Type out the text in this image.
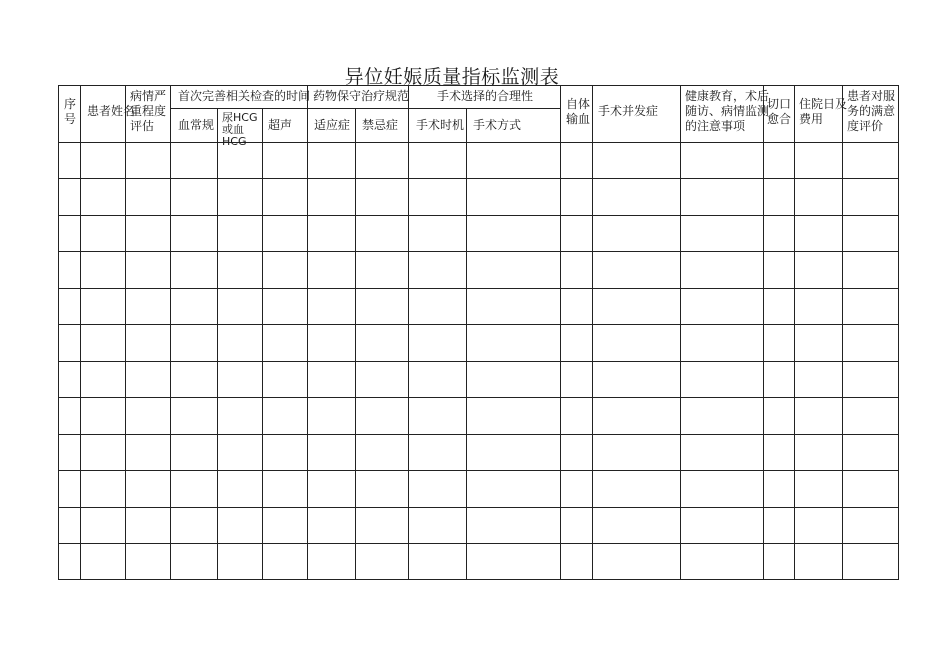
异位妊娠质量指标监测表
序号
患者姓名
病情严重程度评估
首次完善相关检查的时间 药物保守治疗规范 手术选择的合理性
自体输血
手术并发症
健康教育，术后随访、病情监测的注意事项
切口愈合
住院日及费用
患者对服务的满意度评价
血常规
尿HCG或血HCG
超声 适应症 禁忌症 手术时机 手术方式
